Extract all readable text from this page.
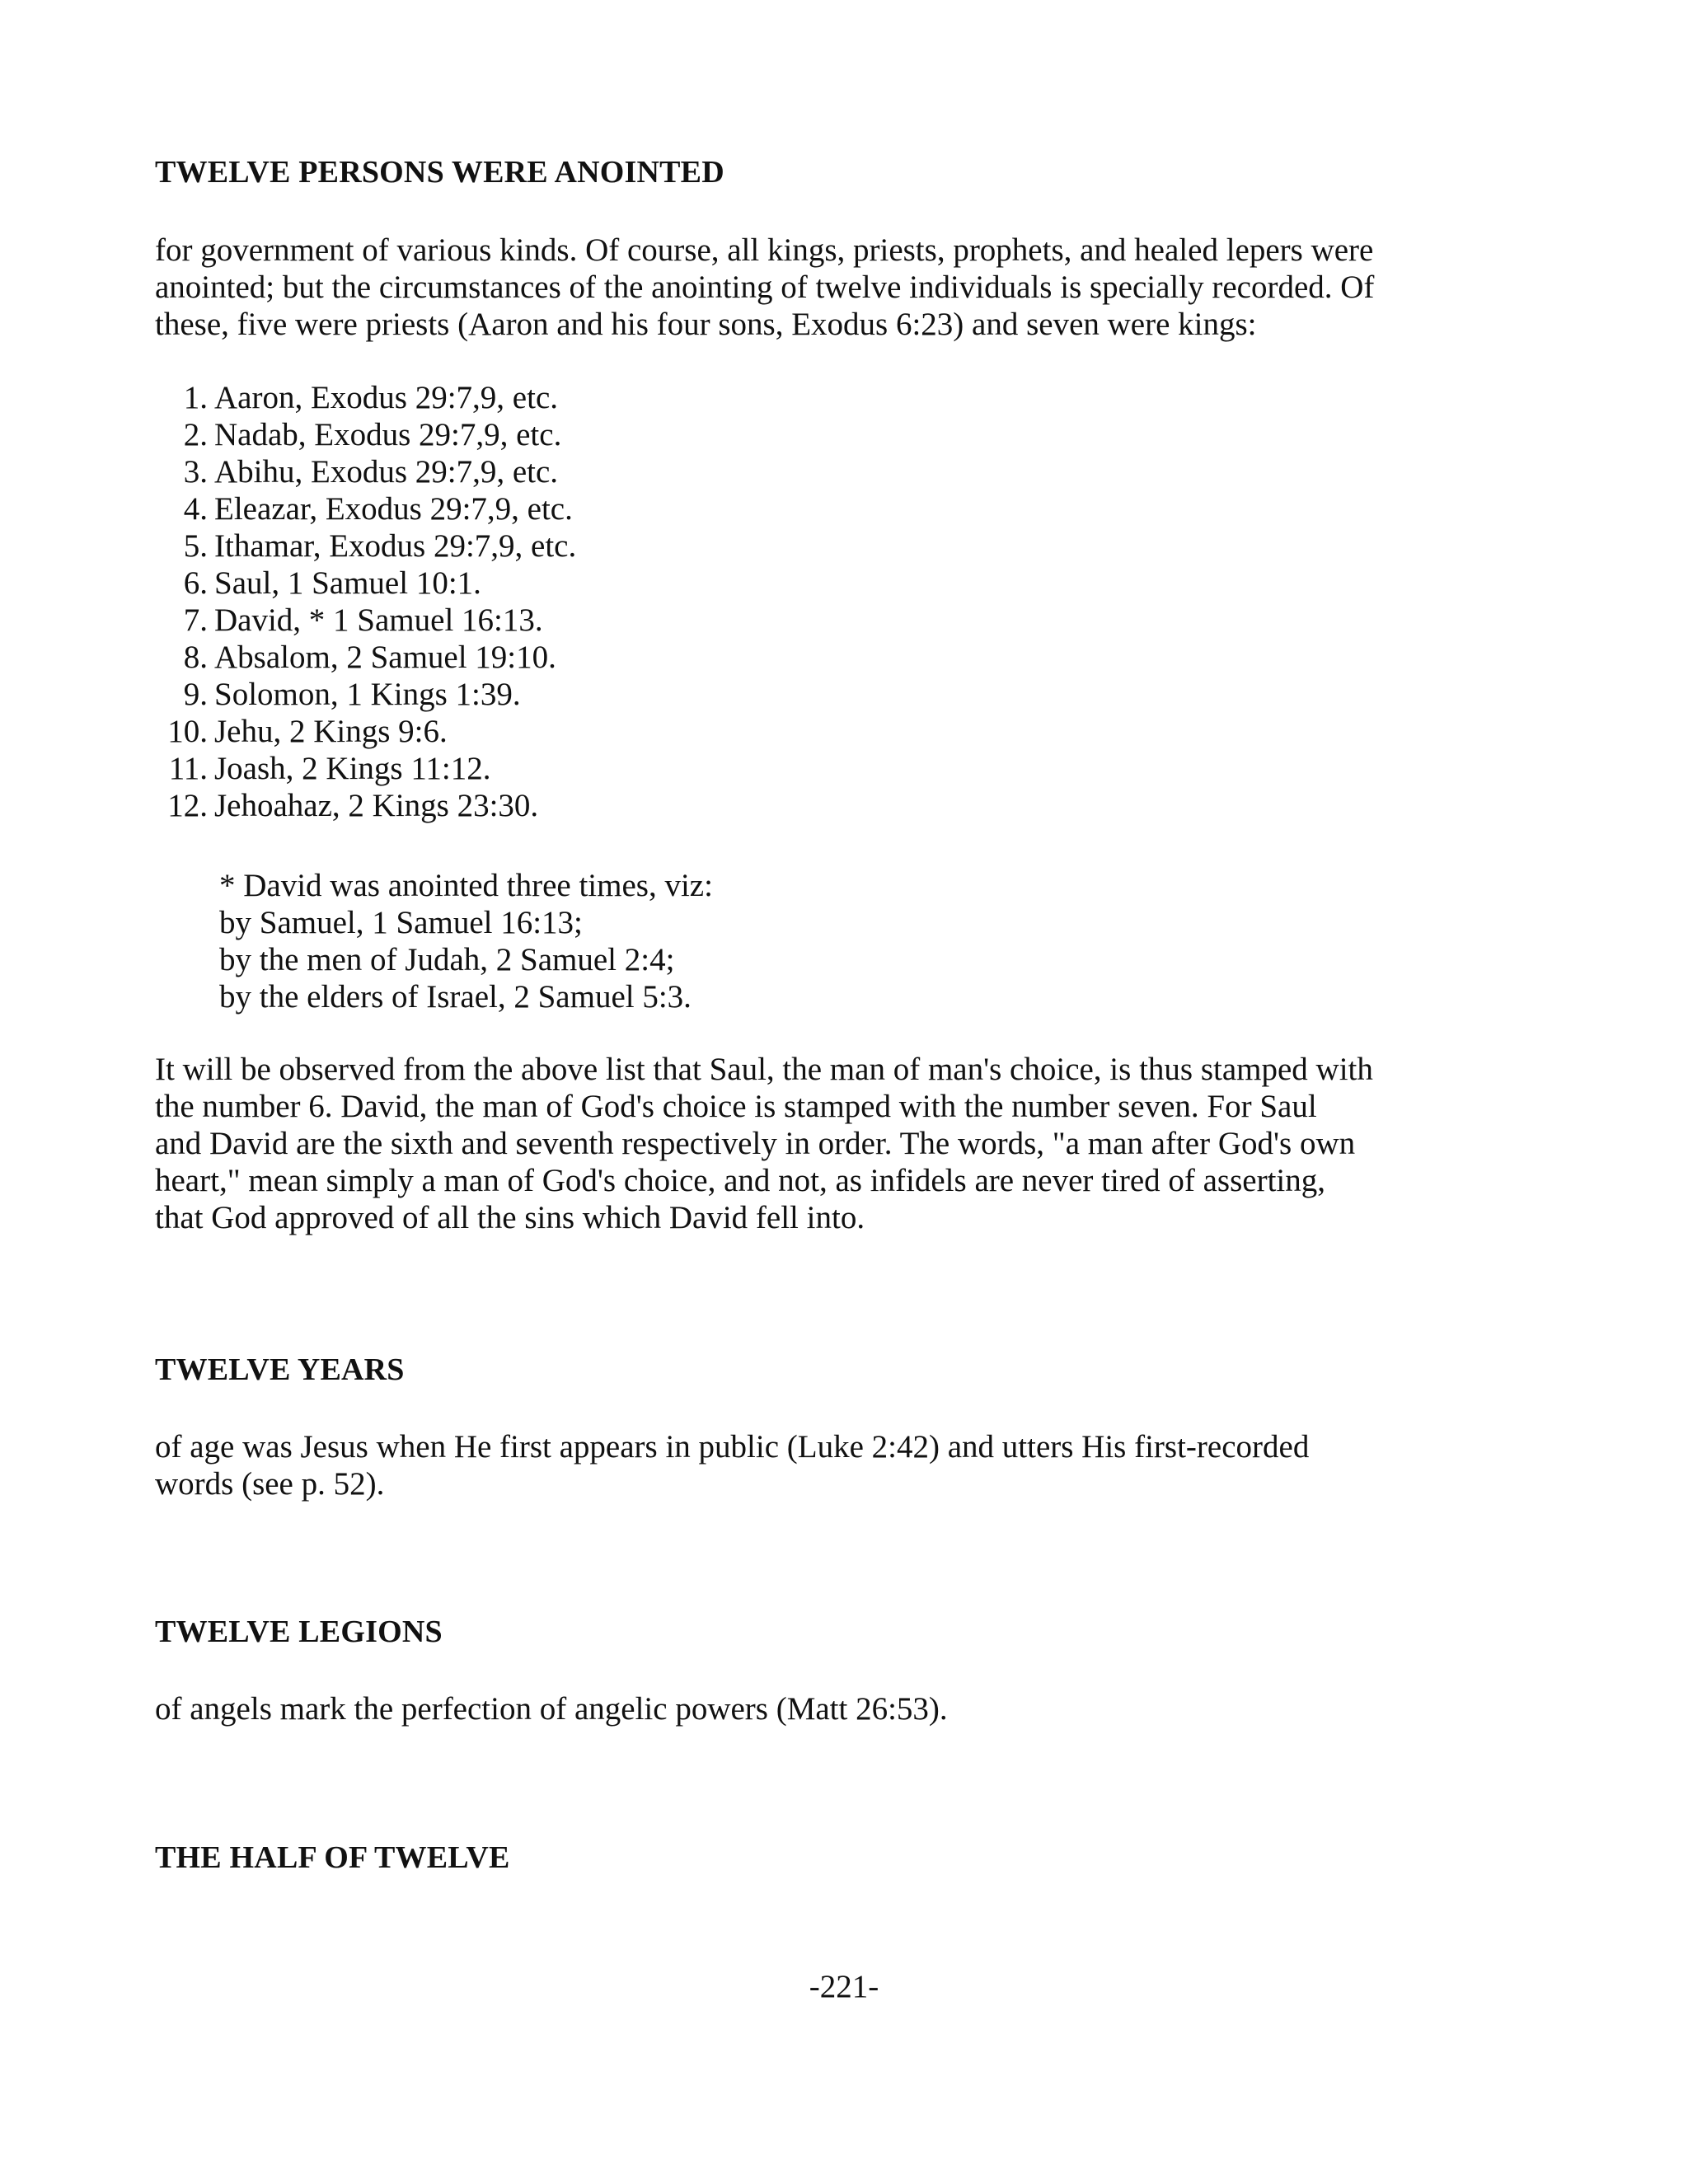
TWELVE PERSONS WERE ANOINTED

for government of various kinds. Of course, all kings, priests, prophets, and healed lepers were
anointed; but the circumstances of the anointing of twelve individuals is specially recorded. Of
these, five were priests (Aaron and his four sons, Exodus 6:23) and seven were kings:

1. Aaron, Exodus 29:7,9, etc.
2. Nadab, Exodus 29:7,9, etc.
3. Abihu, Exodus 29:7,9, etc.
4. Eleazar, Exodus 29:7,9, etc.
5. Ithamar, Exodus 29:7,9, etc.
6. Saul, 1 Samuel 10:1.
7. David, * 1 Samuel 16:13.
8. Absalom, 2 Samuel 19:10.
9. Solomon, 1 Kings 1:39.
10. Jehu, 2 Kings 9:6.
11. Joash, 2 Kings 11:12.
12. Jehoahaz, 2 Kings 23:30.

* David was anointed three times, viz:
by Samuel, 1 Samuel 16:13;
by the men of Judah, 2 Samuel 2:4;
by the elders of Israel, 2 Samuel 5:3.

It will be observed from the above list that Saul, the man of man's choice, is thus stamped with
the number 6. David, the man of God's choice is stamped with the number seven. For Saul
and David are the sixth and seventh respectively in order. The words, "a man after God's own
heart," mean simply a man of God's choice, and not, as infidels are never tired of asserting,
that God approved of all the sins which David fell into.

TWELVE YEARS

of age was Jesus when He first appears in public (Luke 2:42) and utters His first-recorded
words (see p. 52).

TWELVE LEGIONS

of angels mark the perfection of angelic powers (Matt 26:53).

THE HALF OF TWELVE
-221-
